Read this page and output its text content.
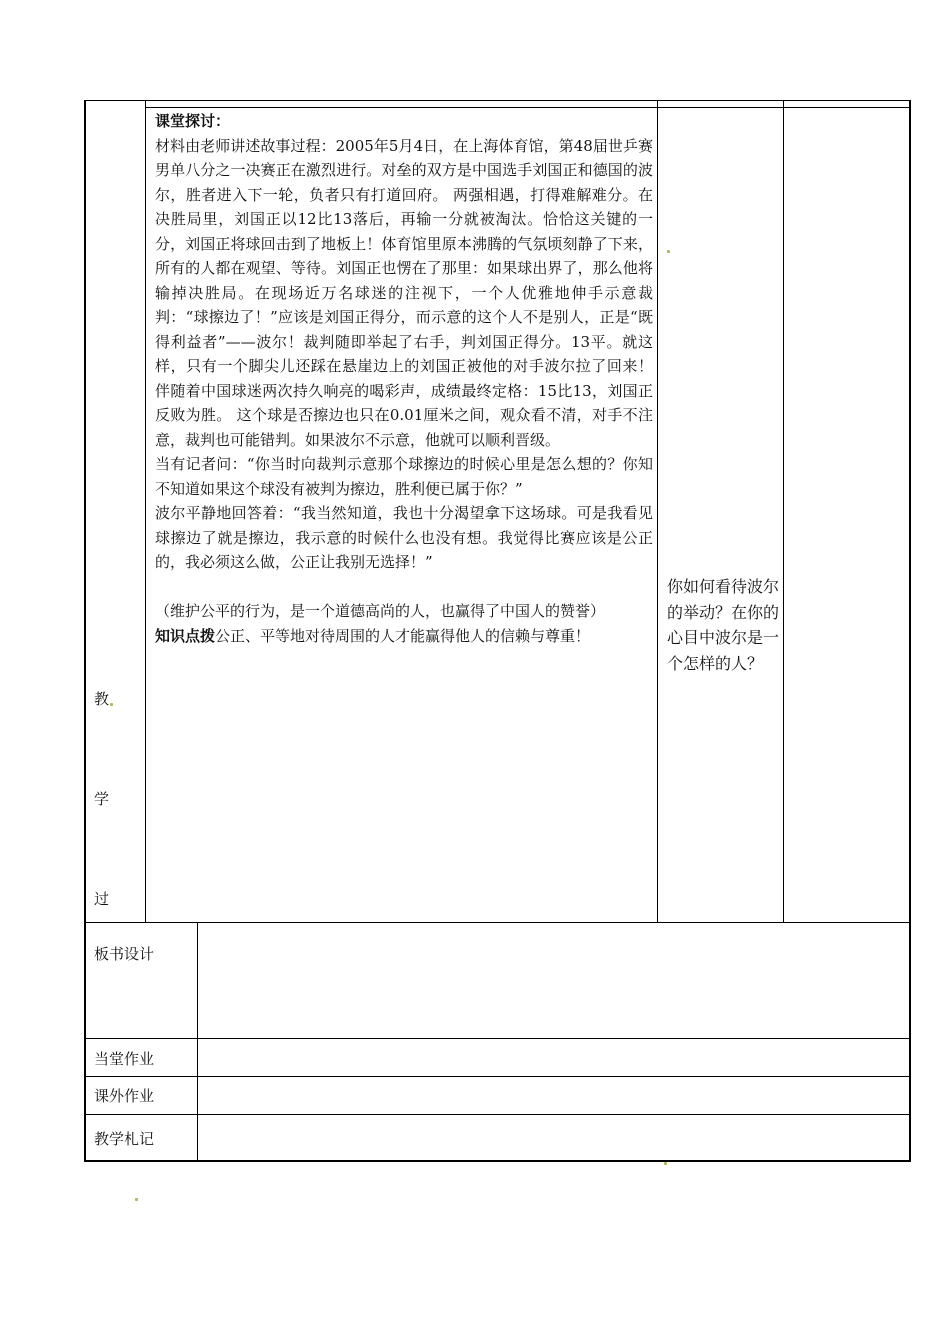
课堂探讨：

材料由老师讲述故事过程：2005年5月4日，在上海体育馆，第48届世乒赛男单八分之一决赛正在激烈进行。对垒的双方是中国选手刘国正和德国的波尔，胜者进入下一轮，负者只有打道回府。 两强相遇，打得难解难分。在决胜局里，刘国正以12比13落后，再输一分就被淘汰。恰恰这关键的一分，刘国正将球回击到了地板上！体育馆里原本沸腾的气氛顷刻静了下来，所有的人都在观望、等待。刘国正也愣在了那里：如果球出界了，那么他将输掉决胜局。在现场近万名球迷的注视下，一个人优雅地伸手示意裁判：“球擦边了！”应该是刘国正得分，而示意的这个人不是别人，正是“既得利益者”——波尔！裁判随即举起了右手，判刘国正得分。13平。就这样，只有一个脚尖儿还踩在悬崖边上的刘国正被他的对手波尔拉了回来！ 伴随着中国球迷两次持久响亮的喝彩声，成绩最终定格：15比13，刘国正反败为胜。 这个球是否擦边也只在0.01厘米之间，观众看不清，对手不注意，裁判也可能错判。如果波尔不示意，他就可以顺利晋级。

当有记者问：“你当时向裁判示意那个球擦边的时候心里是怎么想的？你知不知道如果这个球没有被判为擦边，胜利便已属于你？”

波尔平静地回答着：“我当然知道，我也十分渴望拿下这场球。可是我看见球擦边了就是擦边，我示意的时候什么也没有想。我觉得比赛应该是公正的，我必须这么做，公正让我别无选择！”

（维护公平的行为，是一个道德高尚的人，也赢得了中国人的赞誉）

知识点拨公正、平等地对待周围的人才能赢得他人的信赖与尊重！

你如何看待波尔的举动？在你的心目中波尔是一个怎样的人？
教
学
过
板书设计
当堂作业
课外作业
教学札记
